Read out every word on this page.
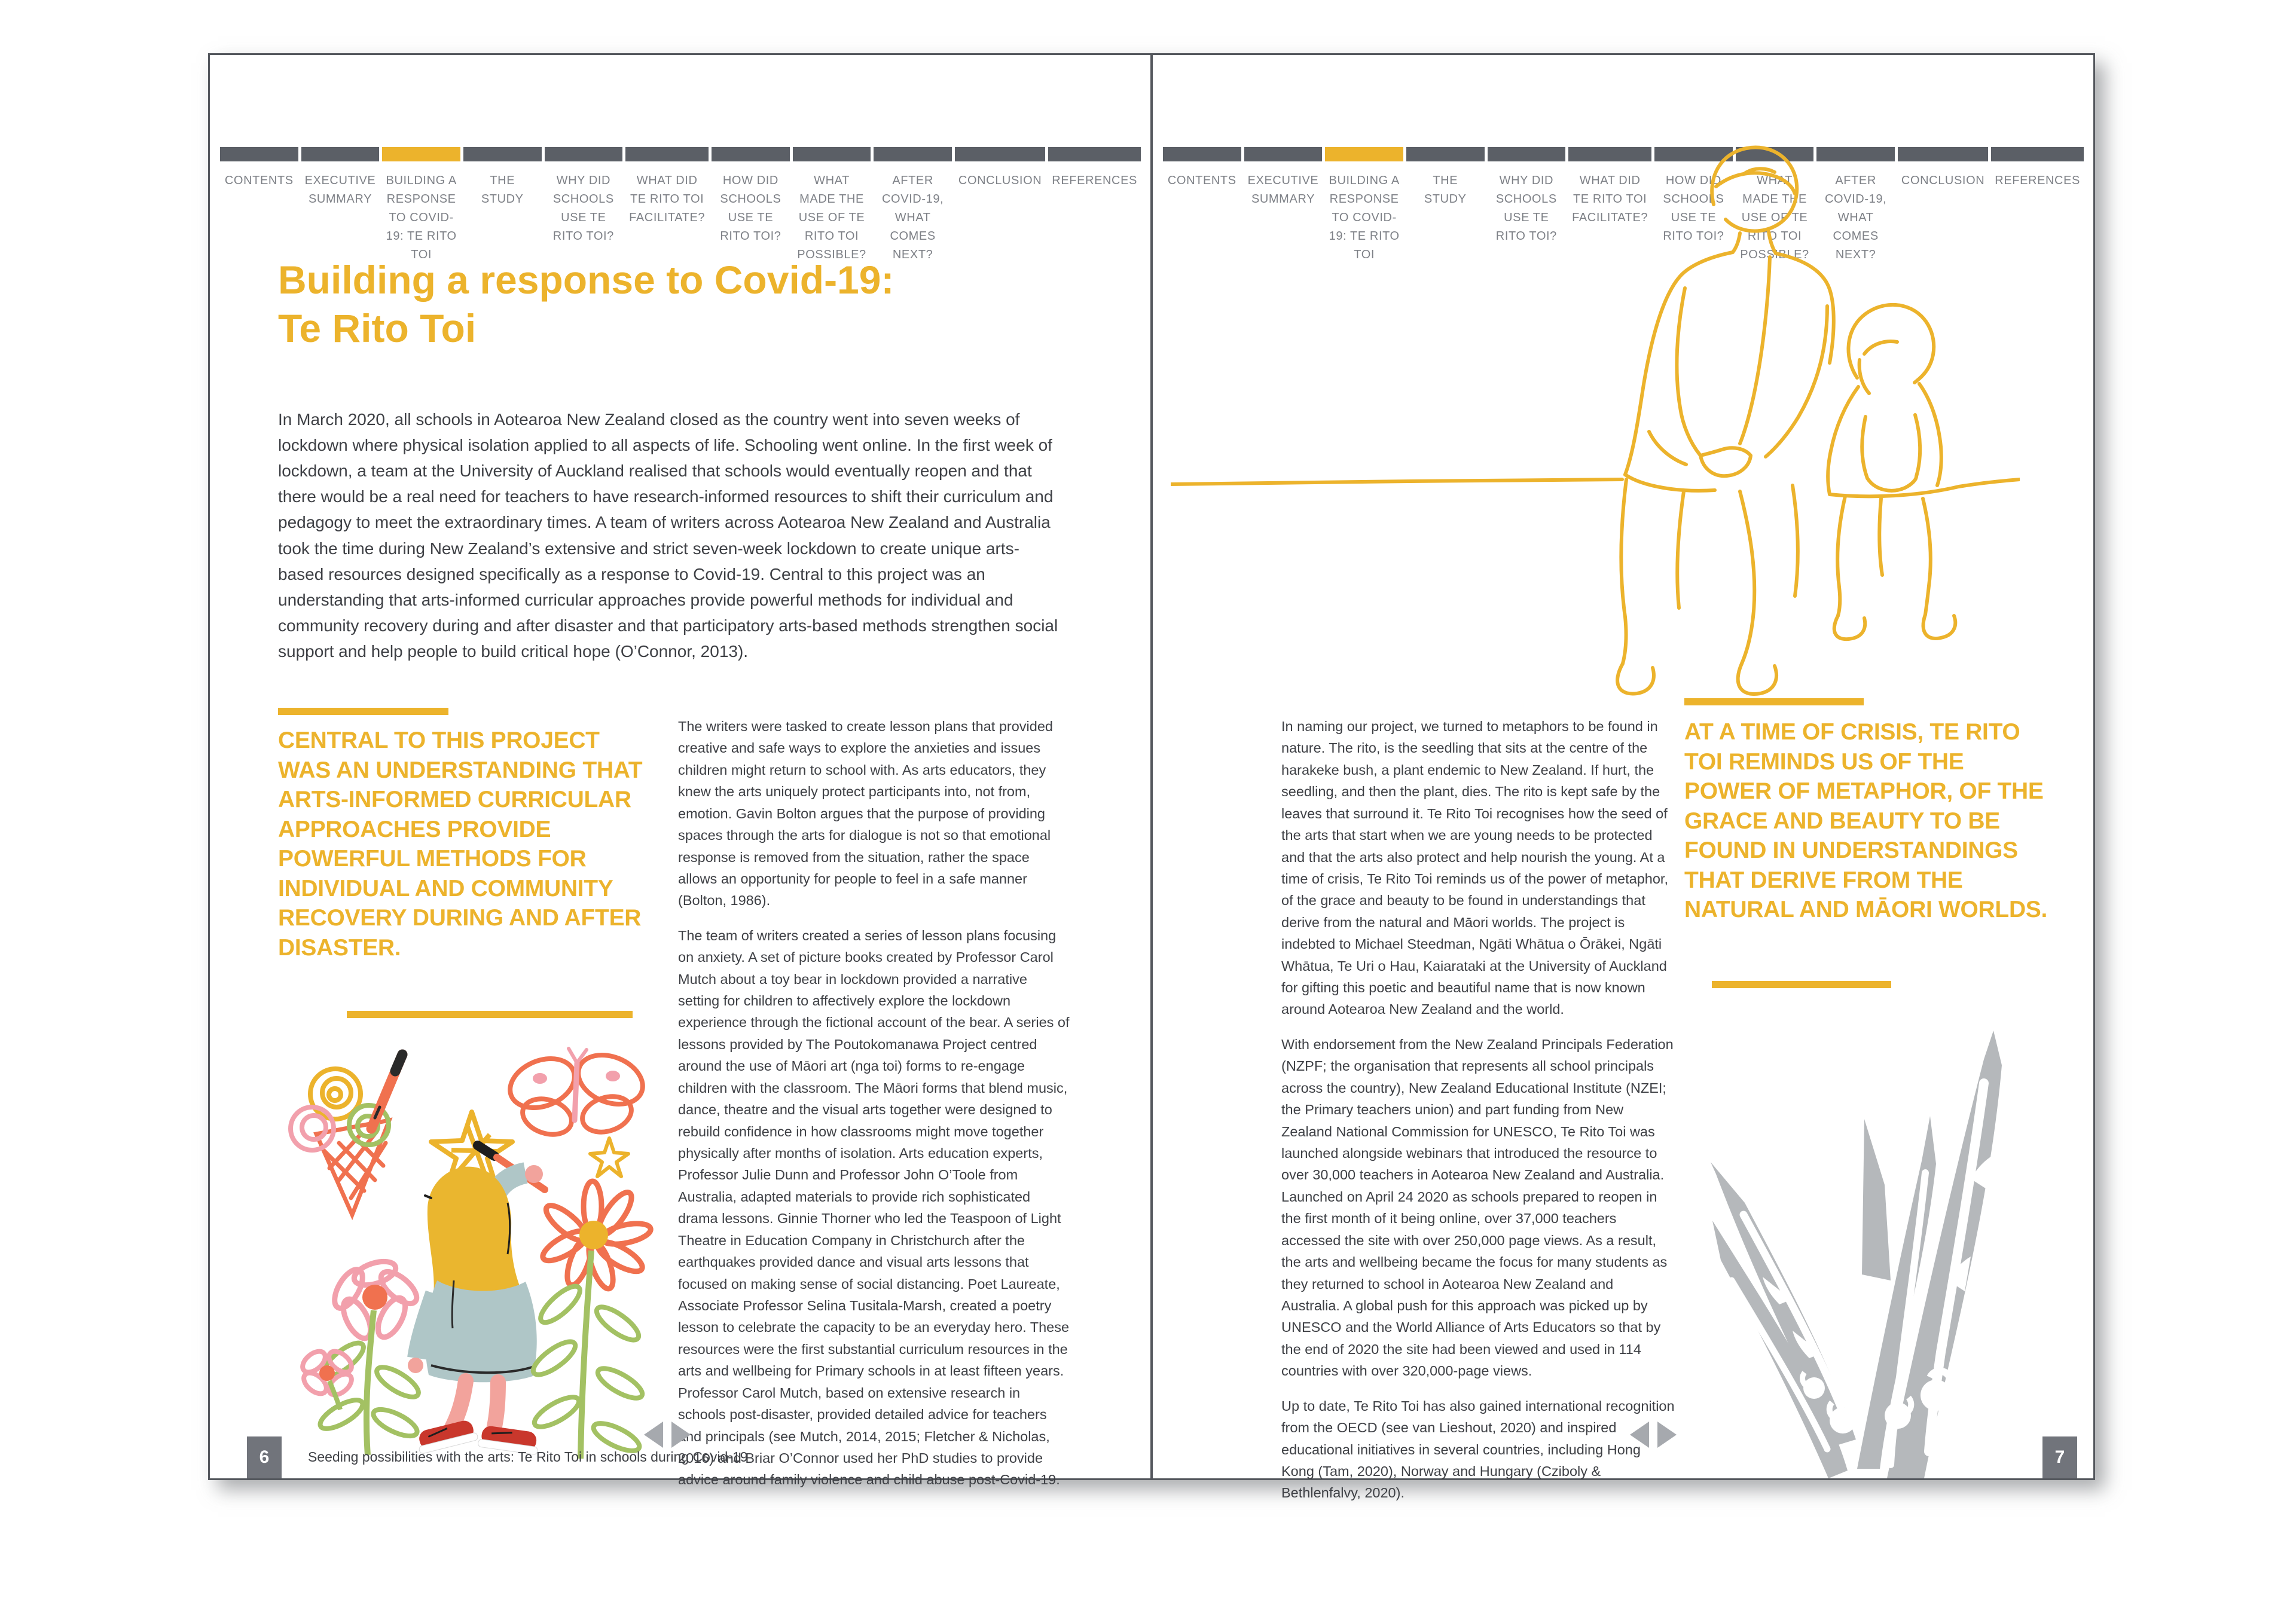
CONTENTS EXECUTIVE SUMMARY
BUILDING A RESPONSE TO COVID-19: TE RITO TOI
THE STUDY
WHY DID SCHOOLS USE TE RITO TOI?
WHAT DID TE RITO TOI FACILITATE?
HOW DID SCHOOLS USE TE RITO TOI?
WHAT MADE THE USE OF TE RITO TOI POSSIBLE?
AFTER COVID-19, WHAT COMES NEXT?
CONCLUSION REFERENCES
Building a response to Covid-19:
Te Rito Toi
In March 2020, all schools in Aotearoa New Zealand closed as the country went into seven weeks of lockdown where physical isolation applied to all aspects of life. Schooling went online. In the first week of lockdown, a team at the University of Auckland realised that schools would eventually reopen and that there would be a real need for teachers to have research-informed resources to shift their curriculum and pedagogy to meet the extraordinary times. A team of writers across Aotearoa New Zealand and Australia took the time during New Zealand’s extensive and strict seven-week lockdown to create unique arts-based resources designed specifically as a response to Covid-19. Central to this project was an understanding that arts-informed curricular approaches provide powerful methods for individual and community recovery during and after disaster and that participatory arts-based methods strengthen social support and help people to build critical hope (O’Connor, 2013).
CENTRAL TO THIS PROJECT WAS AN UNDERSTANDING THAT ARTS-INFORMED CURRICULAR APPROACHES PROVIDE POWERFUL METHODS FOR INDIVIDUAL AND COMMUNITY RECOVERY DURING AND AFTER DISASTER.

The writers were tasked to create lesson plans that provided creative and safe ways to explore the anxieties and issues children might return to school with. As arts educators, they knew the arts uniquely protect participants into, not from, emotion. Gavin Bolton argues that the purpose of providing spaces through the arts for dialogue is not so that emotional response is removed from the situation, rather the space allows an opportunity for people to feel in a safe manner (Bolton, 1986).

The team of writers created a series of lesson plans focusing on anxiety. A set of picture books created by Professor Carol Mutch about a toy bear in lockdown provided a narrative setting for children to affectively explore the lockdown experience through the fictional account of the bear. A series of lessons provided by The Poutokomanawa Project centred around the use of Māori art (nga toi) forms to re-engage children with the classroom. The Māori forms that blend music, dance, theatre and the visual arts together were designed to rebuild confidence in how classrooms might move together physically after months of isolation. Arts education experts, Professor Julie Dunn and Professor John O’Toole from Australia, adapted materials to provide rich sophisticated drama lessons. Ginnie Thorner who led the Teaspoon of Light Theatre in Education Company in Christchurch after the earthquakes provided dance and visual arts lessons that focused on making sense of social distancing. Poet Laureate, Associate Professor Selina Tusitala-Marsh, created a poetry lesson to celebrate the capacity to be an everyday hero. These resources were the first substantial curriculum resources in the arts and wellbeing for Primary schools in at least fifteen years. Professor Carol Mutch, based on extensive research in schools post-disaster, provided detailed advice for teachers and principals (see Mutch, 2014, 2015; Fletcher & Nicholas, 2016) and Briar O’Connor used her PhD studies to provide advice around family violence and child abuse post-Covid-19.

6	Seeding possibilities with the arts: Te Rito Toi in schools during Covid-19
CONTENTS EXECUTIVE SUMMARY
BUILDING A RESPONSE TO COVID-19: TE RITO TOI
THE STUDY
WHY DID SCHOOLS USE TE RITO TOI?
WHAT DID TE RITO TOI FACILITATE?
HOW DID SCHOOLS USE TE RITO TOI?
WHAT MADE THE USE OF TE RITO TOI POSSIBLE?
AFTER COVID-19, WHAT COMES NEXT?
CONCLUSION REFERENCES
AT A TIME OF CRISIS, TE RITO TOI REMINDS US OF THE POWER OF METAPHOR, OF THE GRACE AND BEAUTY TO BE FOUND IN UNDERSTANDINGS THAT DERIVE FROM THE NATURAL AND MĀORI WORLDS.

In naming our project, we turned to metaphors to be found in nature. The rito, is the seedling that sits at the centre of the harakeke bush, a plant endemic to New Zealand. If hurt, the seedling, and then the plant, dies. The rito is kept safe by the leaves that surround it. Te Rito Toi recognises how the seed of the arts that start when we are young needs to be protected and that the arts also protect and help nourish the young. At a time of crisis, Te Rito Toi reminds us of the power of metaphor, of the grace and beauty to be found in understandings that derive from the natural and Māori worlds. The project is indebted to Michael Steedman, Ngāti Whātua o Ōrākei, Ngāti Whātua, Te Uri o Hau, Kaiarataki at the University of Auckland for gifting this poetic and beautiful name that is now known around Aotearoa New Zealand and the world.

With endorsement from the New Zealand Principals Federation (NZPF; the organisation that represents all school principals across the country), New Zealand Educational Institute (NZEI; the Primary teachers union) and part funding from New Zealand National Commission for UNESCO, Te Rito Toi was launched alongside webinars that introduced the resource to over 30,000 teachers in Aotearoa New Zealand and Australia. Launched on April 24 2020 as schools prepared to reopen in the first month of it being online, over 37,000 teachers accessed the site with over 250,000 page views. As a result, the arts and wellbeing became the focus for many students as they returned to school in Aotearoa New Zealand and Australia. A global push for this approach was picked up by UNESCO and the World Alliance of Arts Educators so that by the end of 2020 the site had been viewed and used in 114 countries with over 320,000-page views.

Up to date, Te Rito Toi has also gained international recognition from the OECD (see van Lieshout, 2020) and inspired educational initiatives in several countries, including Hong Kong (Tam, 2020), Norway and Hungary (Cziboly & Bethlenfalvy, 2020).

7
